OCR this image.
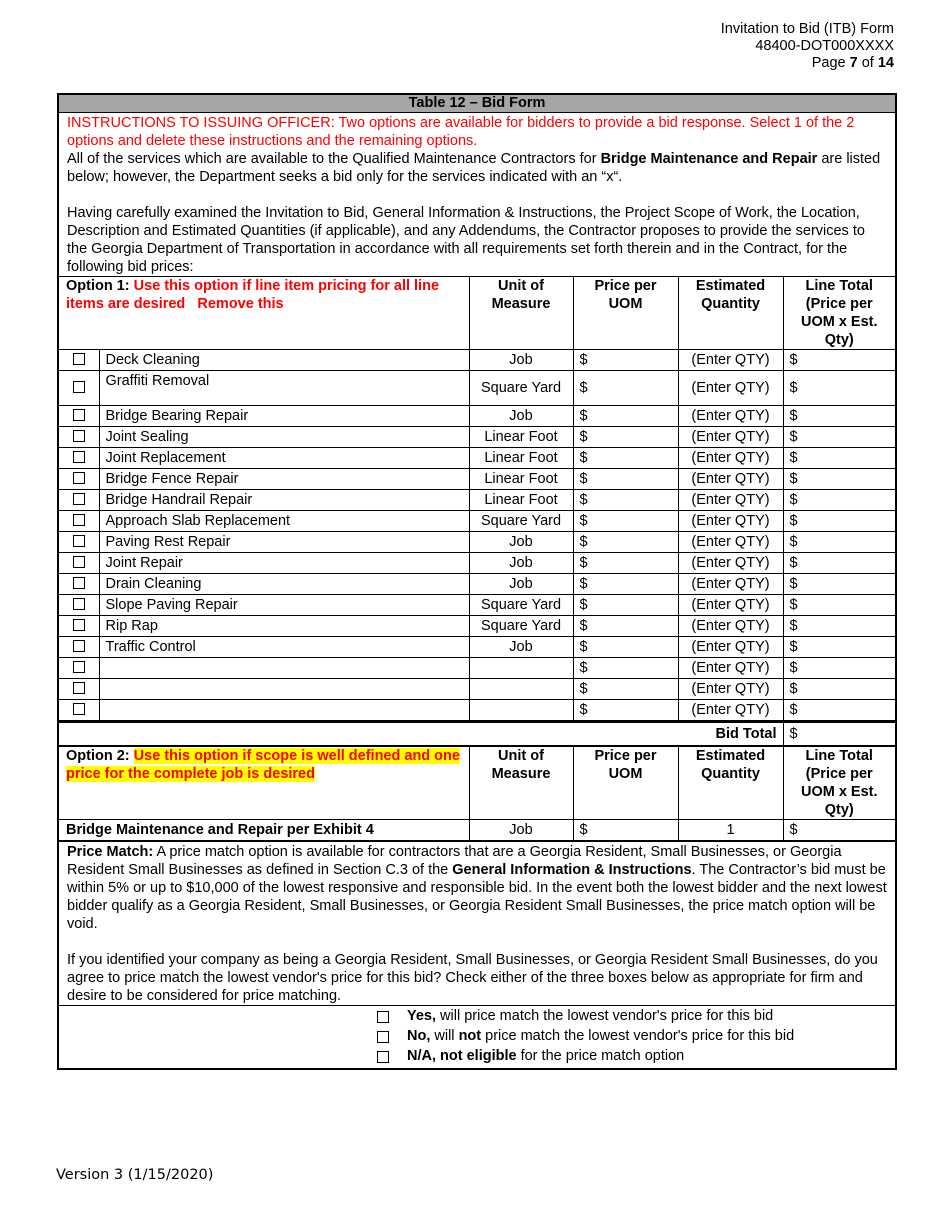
Invitation to Bid (ITB) Form
48400-DOT000XXXX
Page 7 of 14
Table 12 – Bid Form
INSTRUCTIONS TO ISSUING OFFICER: Two options are available for bidders to provide a bid response. Select 1 of the 2 options and delete these instructions and the remaining options.
All of the services which are available to the Qualified Maintenance Contractors for Bridge Maintenance and Repair are listed below; however, the Department seeks a bid only for the services indicated with an “x“.
Having carefully examined the Invitation to Bid, General Information & Instructions, the Project Scope of Work, the Location, Description and Estimated Quantities (if applicable), and any Addendums, the Contractor proposes to provide the services to the Georgia Department of Transportation in accordance with all requirements set forth therein and in the Contract, for the following bid prices:
Option 1: Use this option if line item pricing for all line items are desired Remove this		Unit of Measure	Price per UOM	Estimated Quantity	Line Total (Price per UOM x Est. Qty)
	Deck Cleaning	Job	$	(Enter QTY)	$
	Graffiti Removal	Square Yard	$	(Enter QTY)	$
	Bridge Bearing Repair	Job	$	(Enter QTY)	$
	Joint Sealing	Linear Foot	$	(Enter QTY)	$
	Joint Replacement	Linear Foot	$	(Enter QTY)	$
	Bridge Fence Repair	Linear Foot	$	(Enter QTY)	$
	Bridge Handrail Repair	Linear Foot	$	(Enter QTY)	$
	Approach Slab Replacement	Square Yard	$	(Enter QTY)	$
	Paving Rest Repair	Job	$	(Enter QTY)	$
	Joint Repair	Job	$	(Enter QTY)	$
	Drain Cleaning	Job	$	(Enter QTY)	$
	Slope Paving Repair	Square Yard	$	(Enter QTY)	$
	Rip Rap	Square Yard	$	(Enter QTY)	$
	Traffic Control	Job	$	(Enter QTY)	$
			$	(Enter QTY)	$
			$	(Enter QTY)	$
			$	(Enter QTY)	$
Bid Total	$
Option 2: Use this option if scope is well defined and one price for the complete job is desired	Unit of Measure	Price per UOM	Estimated Quantity	Line Total (Price per UOM x Est. Qty)
Bridge Maintenance and Repair per Exhibit 4	Job	$	1	$
Price Match: A price match option is available for contractors that are a Georgia Resident, Small Businesses, or Georgia Resident Small Businesses as defined in Section C.3 of the General Information & Instructions. The Contractor’s bid must be within 5% or up to $10,000 of the lowest responsive and responsible bid. In the event both the lowest bidder and the next lowest bidder qualify as a Georgia Resident, Small Businesses, or Georgia Resident Small Businesses, the price match option will be void.
If you identified your company as being a Georgia Resident, Small Businesses, or Georgia Resident Small Businesses, do you agree to price match the lowest vendor's price for this bid? Check either of the three boxes below as appropriate for firm and desire to be considered for price matching.
Yes, will price match the lowest vendor's price for this bid
No, will not price match the lowest vendor's price for this bid
N/A, not eligible for the price match option
Version 3 (1/15/2020)
